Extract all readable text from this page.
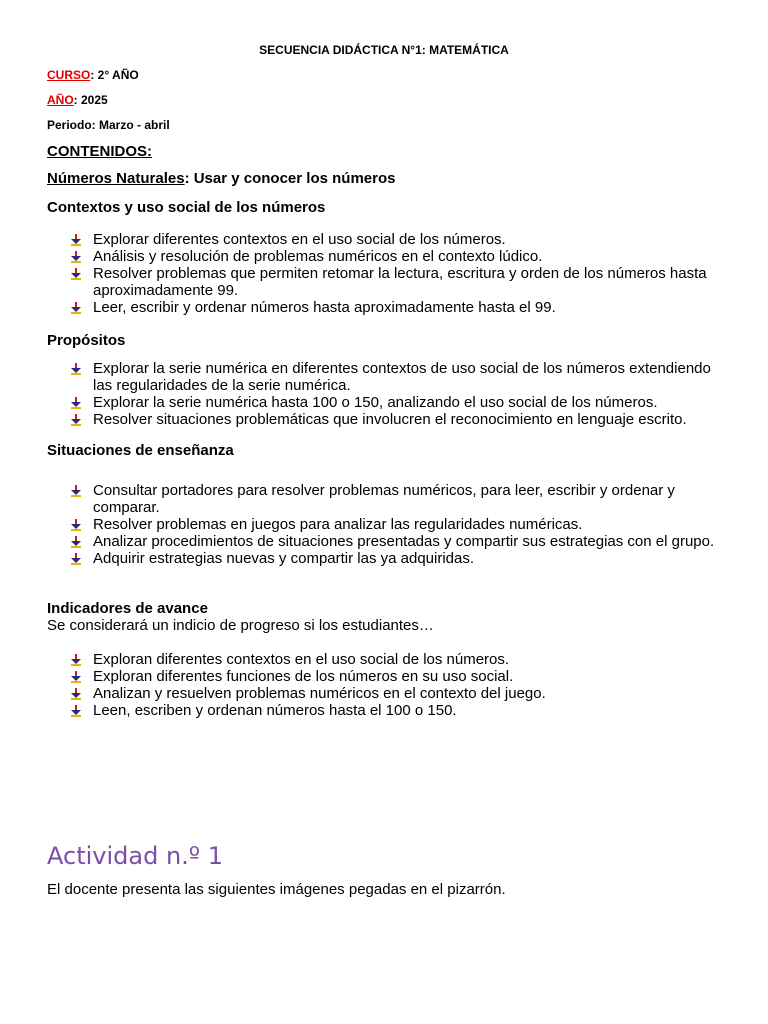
SECUENCIA DIDÁCTICA N°1: MATEMÁTICA
CURSO: 2° AÑO
AÑO: 2025
Periodo: Marzo - abril
CONTENIDOS:
Números Naturales: Usar y conocer los números
Contextos y uso social de los números
Explorar diferentes contextos en el uso social de los números.
Análisis y resolución de problemas numéricos en el contexto lúdico.
Resolver problemas que permiten retomar la lectura, escritura y orden de los números hasta aproximadamente 99.
Leer, escribir y ordenar números hasta aproximadamente hasta el 99.
Propósitos
Explorar la serie numérica en diferentes contextos de uso social de los números extendiendo las regularidades de la serie numérica.
Explorar la serie numérica hasta 100 o 150, analizando el uso social de los números.
Resolver situaciones problemáticas que involucren el reconocimiento en lenguaje escrito.
Situaciones de enseñanza
Consultar portadores para resolver problemas numéricos, para leer, escribir y ordenar y comparar.
Resolver problemas en juegos para analizar las regularidades numéricas.
Analizar procedimientos de situaciones presentadas y compartir sus estrategias con el grupo.
Adquirir estrategias nuevas y compartir las ya adquiridas.
Indicadores de avance
Se considerará un indicio de progreso si los estudiantes…
Exploran diferentes contextos en el uso social de los números.
Exploran diferentes funciones de los números en su uso social.
Analizan y resuelven problemas numéricos en el contexto del juego.
Leen, escriben y ordenan números hasta el 100 o 150.
Actividad n.º 1
El docente presenta las siguientes imágenes pegadas en el pizarrón.
